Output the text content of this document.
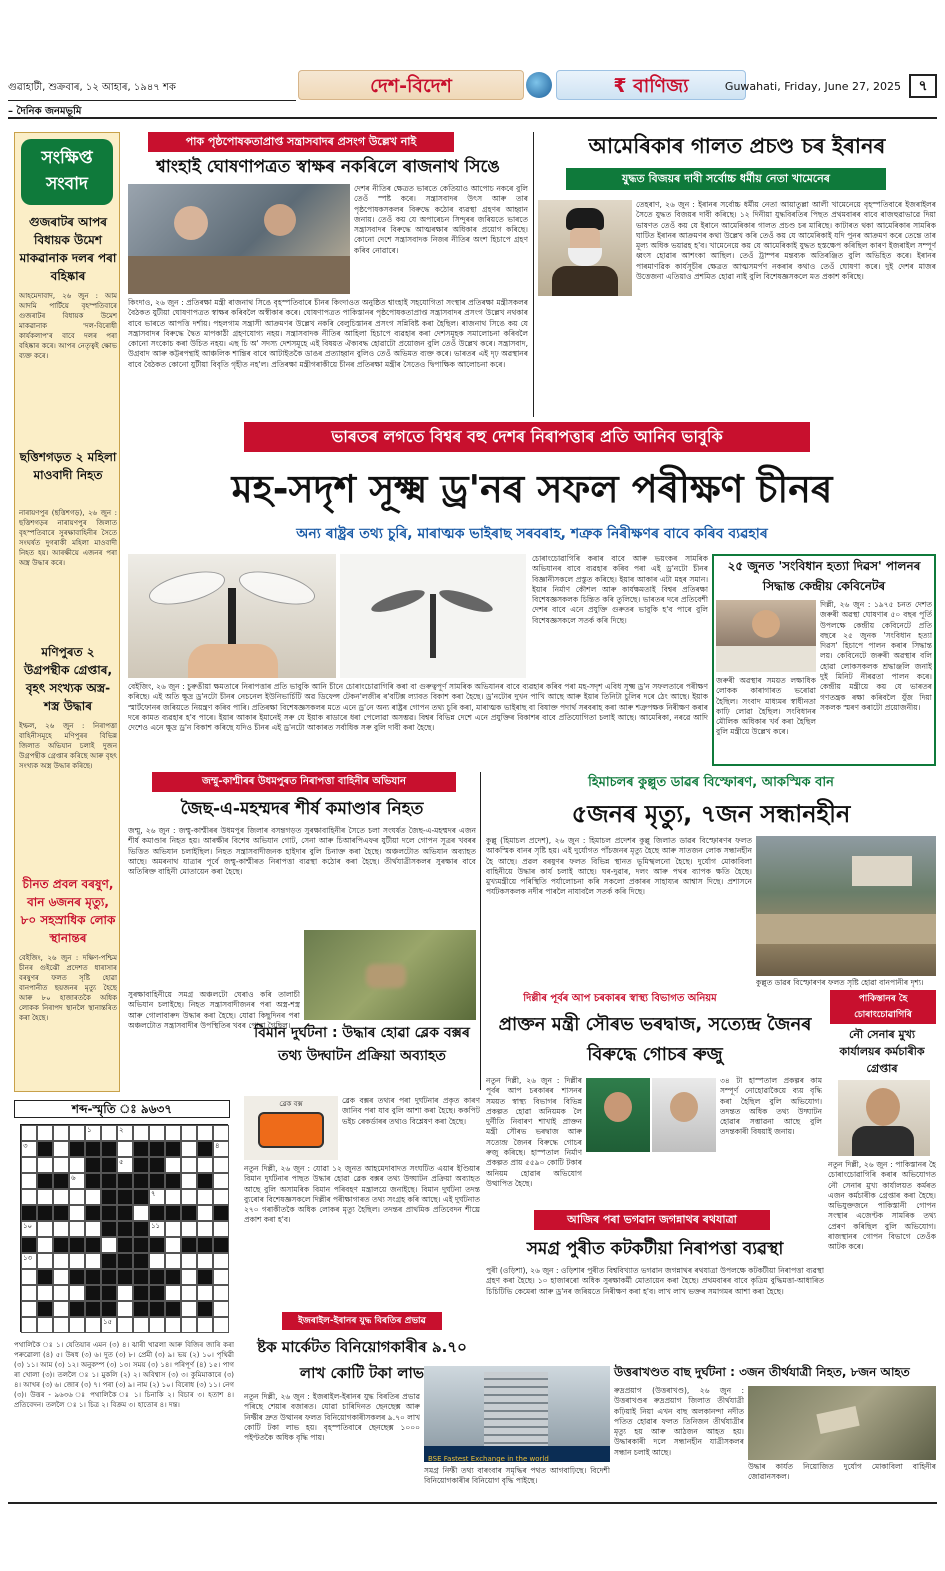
গুৱাহাটী, শুক্ৰবাৰ, ১২ আহাৰ, ১৯৪৭ শক
– দৈনিক জনমভূমি
দেশ-বিদেশ	₹ বাণিজ্য	Guwahati, Friday, June 27, 2025	৭
সংক্ষিপ্ত
সংবাদ
গুজৰাটৰ আপৰ বিধায়ক উমেশ মাকৱানাক দলৰ পৰা বহিষ্কাৰ
আহমেদাবাদ, ২৬ জুন : আম আদমি পাৰ্টিয়ে বৃহস্পতিবাৰে গুজৰাটৰ বিধায়ক উমেশ মাকৱানাক 'দল-বিৰোধী কাৰ্যকলাপ'ৰ বাবে দলৰ পৰা বহিষ্কাৰ কৰে। আপৰ নেতৃত্বই ক্ষোভ ব্যক্ত কৰে।
ছত্তিশগড়ত ২ মহিলা মাওবাদী নিহত
নাৰায়ণপুৰ (ছত্তিশগড়), ২৬ জুন : ছত্তিশগড়ৰ নাৰায়ণপুৰ জিলাত বৃহস্পতিবাৰে সুৰক্ষাবাহিনীৰ সৈতে সংঘৰ্ষত দুগৰাকী মহিলা মাওবাদী নিহত হয়। আৰক্ষীয়ে এজনৰ পৰা অস্ত্ৰ উদ্ধাৰ কৰে।
মণিপুৰত ২ উগ্ৰপন্থীক গ্ৰেপ্তাৰ, বৃহৎ সংখ্যক অস্ত্ৰ-শস্ত্ৰ উদ্ধাৰ
ইম্ফল, ২৬ জুন : নিৰাপত্তা বাহিনীসমূহে মণিপুৰৰ বিভিন্ন জিলাত অভিযান চলাই দুজন উগ্ৰপন্থীক গ্ৰেপ্তাৰ কৰিছে আৰু বৃহৎ সংখ্যক অস্ত্ৰ উদ্ধাৰ কৰিছে।
চীনত প্ৰবল বৰষুণ, বান ৬জনৰ মৃত্যু, ৮০ সহস্ৰাধিক লোক স্থানান্তৰ
বেইজিং, ২৬ জুন : দক্ষিণ-পশ্চিম চীনৰ গুইঝৌ প্ৰদেশত ধাৰাসাৰ বৰষুণৰ ফলত সৃষ্টি হোৱা বানপানীত ছয়জনৰ মৃত্যু হৈছে আৰু ৮০ হাজাৰতকৈ অধিক লোকক নিৰাপদ স্থানলৈ স্থানান্তৰিত কৰা হৈছে।
পাক পৃষ্ঠপোষকতাপ্ৰাপ্ত সন্ত্ৰাসবাদৰ প্ৰসংগ উল্লেখ নাই
শ্বাংহাই ঘোষণাপত্ৰত স্বাক্ষৰ নকৰিলে ৰাজনাথ সিঙে
কিংদাও, ২৬ জুন : প্ৰতিৰক্ষা মন্ত্ৰী ৰাজনাথ সিঙে বৃহস্পতিবাৰে চীনৰ কিংদাওত অনুষ্ঠিত শ্বাংহাই সহযোগিতা সংস্থাৰ প্ৰতিৰক্ষা মন্ত্ৰীসকলৰ বৈঠকত যুটীয়া ঘোষণাপত্ৰত স্বাক্ষৰ কৰিবলৈ অস্বীকাৰ কৰে। ঘোষণাপত্ৰত পাকিস্তানৰ পৃষ্ঠপোষকতাপ্ৰাপ্ত সন্ত্ৰাসবাদৰ প্ৰসংগ উল্লেখ নথকাৰ বাবে ভাৰতে আপত্তি দৰ্শায়। পহলগাম সন্ত্ৰাসী আক্ৰমণৰ উল্লেখ নকৰি বেলুচিস্তানৰ প্ৰসংগ সন্নিবিষ্ট কৰা হৈছিল। ৰাজনাথ সিঙে কয় যে সন্ত্ৰাসবাদৰ বিৰুদ্ধে দ্বৈত মাপকাঠী গ্ৰহণযোগ্য নহয়। সন্ত্ৰাসবাদক নীতিৰ আহিলা হিচাপে ব্যৱহাৰ কৰা দেশসমূহক সমালোচনা কৰিবলৈ কোনো সংকোচ কৰা উচিত নহয়। এছ চি অ' সদস্য দেশসমূহে এই বিষয়ত ঐক্যবদ্ধ হোৱাটো প্ৰয়োজন বুলি তেওঁ উল্লেখ কৰে। সন্ত্ৰাসবাদ, উগ্ৰবাদ আৰু কট্টৰপন্থাই আঞ্চলিক শান্তিৰ বাবে আটাইতকৈ ডাঙৰ প্ৰত্যাহ্বান বুলিও তেওঁ অভিমত ব্যক্ত কৰে। ভাৰতৰ এই দৃঢ় অৱস্থানৰ বাবে বৈঠকত কোনো যুটীয়া বিবৃতি গৃহীত নহ'ল। প্ৰতিৰক্ষা মন্ত্ৰীগৰাকীয়ে চীনৰ প্ৰতিৰক্ষা মন্ত্ৰীৰ সৈতেও দ্বিপাক্ষিক আলোচনা কৰে।
দেশৰ নীতিৰ ক্ষেত্ৰত ভাৰতে কেতিয়াও আপোচ নকৰে বুলি তেওঁ স্পষ্ট কৰে। সন্ত্ৰাসবাদৰ উৎস আৰু তাৰ পৃষ্ঠপোষকসকলৰ বিৰুদ্ধে কঠোৰ ব্যৱস্থা গ্ৰহণৰ আহ্বান জনায়। তেওঁ কয় যে অপাৰেচন সিন্দুৰৰ জৰিয়তে ভাৰতে সন্ত্ৰাসবাদৰ বিৰুদ্ধে আত্মৰক্ষাৰ অধিকাৰ প্ৰয়োগ কৰিছে। কোনো দেশে সন্ত্ৰাসবাদক নিজৰ নীতিৰ অংশ হিচাপে গ্ৰহণ কৰিব নোৱাৰে।
আমেৰিকাৰ গালত প্ৰচণ্ড চৰ ইৰানৰ
যুদ্ধত বিজয়ৰ দাবী সৰ্বোচ্চ ধৰ্মীয় নেতা খামেনেৰ
তেহৰাণ, ২৬ জুন : ইৰানৰ সৰ্বোচ্চ ধৰ্মীয় নেতা আয়াতুল্লা আলী খামেনেয়ে বৃহস্পতিবাৰে ইজৰাইলৰ সৈতে যুদ্ধত বিজয়ৰ দাবী কৰিছে। ১২ দিনীয়া যুদ্ধবিৰতিৰ পিছত প্ৰথমবাৰৰ বাবে ৰাজহুৱাভাৱে দিয়া ভাষণত তেওঁ কয় যে ইৰানে আমেৰিকাৰ গালত প্ৰচণ্ড চৰ মাৰিছে। কাটাৰত থকা আমেৰিকাৰ সামৰিক ঘাটিত ইৰানৰ আক্ৰমণৰ কথা উল্লেখ কৰি তেওঁ কয় যে আমেৰিকাই যদি পুনৰ আক্ৰমণ কৰে তেন্তে তাৰ মূল্য অধিক ভয়াৱহ হ'ব। খামেনেয়ে কয় যে আমেৰিকাই যুদ্ধত হস্তক্ষেপ কৰিছিল কাৰণ ইজৰাইল সম্পূৰ্ণ ধ্বংস হোৱাৰ আশংকা আছিল। তেওঁ ট্ৰাম্পৰ মন্তব্যক অতিৰঞ্জিত বুলি অভিহিত কৰে। ইৰানৰ পাৰমাণৱিক কাৰ্যসূচীৰ ক্ষেত্ৰত আত্মসমৰ্পণ নকৰাৰ কথাও তেওঁ ঘোষণা কৰে। দুই দেশৰ মাজৰ উত্তেজনা এতিয়াও প্ৰশমিত হোৱা নাই বুলি বিশেষজ্ঞসকলে মত প্ৰকাশ কৰিছে।
ভাৰতৰ লগতে বিশ্বৰ বহু দেশৰ নিৰাপত্তাৰ প্ৰতি আনিব ভাবুকি
মহ-সদৃশ সূক্ষ্ম ড্ৰ'নৰ সফল পৰীক্ষণ চীনৰ
অন্য ৰাষ্ট্ৰৰ তথ্য চুৰি, মাৰাত্মক ভাইৰাছ সৰবৰাহ, শত্ৰুক নিৰীক্ষণৰ বাবে কৰিব ব্যৱহাৰ
বেইজিং, ২৬ জুন : চুৰুঙীয়া ক্ষমতাৰে নিৰাপত্তাৰ প্ৰতি ভাবুকি আনি চীনে চোৰাংচোৱাগিৰি কৰা বা গুৰুত্বপূৰ্ণ সামৰিক অভিযানৰ বাবে ব্যৱহাৰ কৰিব পৰা মহ-সদৃশ এবিধ সূক্ষ্ম ড্ৰ'ন সফলতাৰে পৰীক্ষণ কৰিছে। এই অতি ক্ষুদ্ৰ ড্ৰ'নটো চীনৰ নেচনেল ইউনিভাৰ্চিটি অৱ ডিফেন্স টেকন'লজীৰ ৰ'বটিক্স ল্যাবত বিকাশ কৰা হৈছে। ড্ৰ'নটোৰ দুখন পাখি আছে আৰু ইয়াৰ তিনিটা চুলিৰ দৰে ঠেং আছে। ইয়াক স্মাৰ্টফোনৰ জৰিয়তে নিয়ন্ত্ৰণ কৰিব পাৰি। প্ৰতিৰক্ষা বিশেষজ্ঞসকলৰ মতে এনে ড্ৰ'নে অন্য ৰাষ্ট্ৰৰ গোপন তথ্য চুৰি কৰা, মাৰাত্মক ভাইৰাছ বা বিষাক্ত পদাৰ্থ সৰবৰাহ কৰা আৰু শত্ৰুপক্ষক নিৰীক্ষণ কৰাৰ দৰে কামত ব্যৱহাৰ হ'ব পাৰে। ইয়াৰ আকাৰ ইমানেই সৰু যে ইয়াক ৰাডাৰে ধৰা পেলোৱা অসম্ভৱ। বিশ্বৰ বিভিন্ন দেশে এনে প্ৰযুক্তিৰ বিকাশৰ বাবে প্ৰতিযোগিতা চলাই আছে। আমেৰিকা, নৰৱে আদি দেশেও এনে ক্ষুদ্ৰ ড্ৰ'ন বিকাশ কৰিছে যদিও চীনৰ এই ড্ৰ'নটো আকাৰত সৰ্বাধিক সৰু বুলি দাবী কৰা হৈছে।
চোৰাংচোৱাগিৰি কৰাৰ বাবে আৰু ভয়ংকৰ সামৰিক অভিযানৰ বাবে ব্যৱহাৰ কৰিব পৰা এই ড্ৰ'নটো চীনৰ বিজ্ঞানীসকলে প্ৰস্তুত কৰিছে। ইয়াৰ আকাৰ এটা মহৰ সমান। ইয়াৰ নিৰ্মাণ কৌশল আৰু কাৰ্যক্ষমতাই বিশ্বৰ প্ৰতিৰক্ষা বিশেষজ্ঞসকলক চিন্তিত কৰি তুলিছে। ভাৰতৰ দৰে প্ৰতিবেশী দেশৰ বাবে এনে প্ৰযুক্তি গুৰুতৰ ভাবুকি হ'ব পাৰে বুলি বিশেষজ্ঞসকলে সতৰ্ক কৰি দিছে।
২৫ জুনত 'সংবিধান হত্যা দিৱস' পালনৰ সিদ্ধান্ত কেন্দ্ৰীয় কেবিনেটৰ
দিল্লী, ২৬ জুন : ১৯৭৫ চনত দেশত জৰুৰী অৱস্থা ঘোষণাৰ ৫০ বছৰ পূৰ্তি উপলক্ষে কেন্দ্ৰীয় কেবিনেটে প্ৰতি বছৰে ২৫ জুনক 'সংবিধান হত্যা দিৱস' হিচাপে পালন কৰাৰ সিদ্ধান্ত লয়। কেবিনেটে জৰুৰী অৱস্থাৰ বলি হোৱা লোকসকলক শ্ৰদ্ধাঞ্জলি জনাই দুই মিনিট নীৰৱতা পালন কৰে। কেন্দ্ৰীয় মন্ত্ৰীয়ে কয় যে ভাৰতৰ গণতন্ত্ৰক ৰক্ষা কৰিবলৈ যুঁজ দিয়া সকলক স্মৰণ কৰাটো প্ৰয়োজনীয়।
জৰুৰী অৱস্থাৰ সময়ত লক্ষাধিক লোকক কাৰাগাৰত ভৰোৱা হৈছিল। সংবাদ মাধ্যমৰ স্বাধীনতা কাঢ়ি লোৱা হৈছিল। সংবিধানৰ মৌলিক অধিকাৰ খৰ্ব কৰা হৈছিল বুলি মন্ত্ৰীয়ে উল্লেখ কৰে।
জম্মু-কাশ্মীৰৰ উধমপুৰত নিৰাপত্তা বাহিনীৰ অভিযান
জৈছ-এ-মহম্মদৰ শীৰ্ষ কমাণ্ডাৰ নিহত
জম্মু, ২৬ জুন : জম্মু-কাশ্মীৰৰ উধমপুৰ জিলাৰ বসন্তগড়ত সুৰক্ষাবাহিনীৰ সৈতে চলা সংঘৰ্ষত জৈছ-এ-মহম্মদৰ এজন শীৰ্ষ কমাণ্ডাৰ নিহত হয়। আৰক্ষীৰ বিশেষ অভিযান গোট, সেনা আৰু চিআৰপিএফৰ যুটীয়া দলে গোপন সূত্ৰৰ খবৰৰ ভিত্তিত অভিযান চলাইছিল। নিহত সন্ত্ৰাসবাদীজনক হাইদাৰ বুলি চিনাক্ত কৰা হৈছে। অঞ্চলটোত অভিযান অব্যাহত আছে। অমৰনাথ যাত্ৰাৰ পূৰ্বে জম্মু-কাশ্মীৰত নিৰাপত্তা ব্যৱস্থা কঠোৰ কৰা হৈছে। তীৰ্থযাত্ৰীসকলৰ সুৰক্ষাৰ বাবে অতিৰিক্ত বাহিনী মোতায়েন কৰা হৈছে।
সুৰক্ষাবাহিনীয়ে সমগ্ৰ অঞ্চলটো ঘেৰাও কৰি তালাচী অভিযান চলাইছে। নিহত সন্ত্ৰাসবাদীজনৰ পৰা অস্ত্ৰ-শস্ত্ৰ আৰু গোলাবাৰুদ উদ্ধাৰ কৰা হৈছে। যোৱা কিছুদিনৰ পৰা অঞ্চলটোত সন্ত্ৰাসবাদীৰ উপস্থিতিৰ খবৰ পোৱা গৈছিল।
হিমাচলৰ কুল্লুত ডাৱৰ বিস্ফোৰণ, আকস্মিক বান
৫জনৰ মৃত্যু, ৭জন সন্ধানহীন
কুল্লু (হিমাচল প্ৰদেশ), ২৬ জুন : হিমাচল প্ৰদেশৰ কুল্লু জিলাত ডাৱৰ বিস্ফোৰণৰ ফলত আকস্মিক বানৰ সৃষ্টি হয়। এই দুৰ্যোগত পাঁচজনৰ মৃত্যু হৈছে আৰু সাতজন লোক সন্ধানহীন হৈ আছে। প্ৰৱল বৰষুণৰ ফলত বিভিন্ন স্থানত ভূমিস্খলনো হৈছে। দুৰ্যোগ মোকাবিলা বাহিনীয়ে উদ্ধাৰ কাৰ্য চলাই আছে। ঘৰ-দুৱাৰ, দলং আৰু পথৰ ব্যাপক ক্ষতি হৈছে। মুখ্যমন্ত্ৰীয়ে পৰিস্থিতি পৰ্যালোচনা কৰি সকলো প্ৰকাৰৰ সাহায্যৰ আশ্বাস দিছে। প্ৰশাসনে পৰ্যটকসকলক নদীৰ পাৰলৈ নাযাবলৈ সতৰ্ক কৰি দিছে।
কুল্লুত ডাৱৰ বিস্ফোৰণৰ ফলত সৃষ্টি হোৱা বানপানীৰ দৃশ্য।
দিল্লীৰ পূৰ্বৰ আপ চৰকাৰৰ স্বাস্থ্য বিভাগত অনিয়ম
প্ৰাক্তন মন্ত্ৰী সৌৰভ ভৰদ্বাজ, সত্যেন্দ্ৰ জৈনৰ বিৰুদ্ধে গোচৰ ৰুজু
নতুন দিল্লী, ২৬ জুন : দিল্লীৰ পূৰ্বৰ আপ চৰকাৰৰ শাসনৰ সময়ত স্বাস্থ্য বিভাগৰ বিভিন্ন প্ৰকল্পত হোৱা অনিয়মক লৈ দুৰ্নীতি নিবাৰণ শাখাই প্ৰাক্তন মন্ত্ৰী সৌৰভ ভৰদ্বাজ আৰু সত্যেন্দ্ৰ জৈনৰ বিৰুদ্ধে গোচৰ ৰুজু কৰিছে। হাস্পতাল নিৰ্মাণ প্ৰকল্পত প্ৰায় ৫৫৯০ কোটি টকাৰ অনিয়ম হোৱাৰ অভিযোগ উত্থাপিত হৈছে।
৩৪ টা হাস্পতাল প্ৰকল্পৰ কাম সম্পূৰ্ণ নোহোৱাকৈয়ে ব্যয় বৃদ্ধি কৰা হৈছিল বুলি অভিযোগ। তদন্তত অধিক তথ্য উদ্ঘাটন হোৱাৰ সম্ভাৱনা আছে বুলি তদন্তকাৰী বিষয়াই জনায়।
পাকিস্তানৰ হৈ চোৰাংচোৱাগিৰি
নৌ সেনাৰ মুখ্য কাৰ্যালয়ৰ কৰ্মচাৰীক গ্ৰেপ্তাৰ
নতুন দিল্লী, ২৬ জুন : পাকিস্তানৰ হৈ চোৰাংচোৱাগিৰি কৰাৰ অভিযোগত নৌ সেনাৰ মুখ্য কাৰ্যালয়ত কৰ্মৰত এজন কৰ্মচাৰীক গ্ৰেপ্তাৰ কৰা হৈছে। অভিযুক্তজনে পাকিস্তানী গোপন সংস্থাৰ এজেণ্টক সামৰিক তথ্য প্ৰেৰণ কৰিছিল বুলি অভিযোগ। ৰাজস্থানৰ গোপন বিভাগে তেওঁক আটক কৰে।
শব্দ-স্মৃতি ঃ ৯৬৩৭
১	২
৩	৪
৫
৬
৭
১০	১১
১৩
১৫
পথালিকৈ ঃ ১। যেতিয়াৰ এমন (৩) ৪। ঝাৰী খাৱলা আৰু বিজিৰ জাৰি কৰা পৰুৱোলা (৪) ৫। উষধ (৩) ৬। দুত (৩) ৮। প্ৰেমী (৩) ৯। ভয় (২) ১০। পৃথিৱী (৩) ১১। আম (৩) ১২। অনুকম্প (৩) ১৩। সময় (৩) ১৪। পৰিপূৰ্ণ (৪) ১৫। পাগ ৰা খোলা (৩)। তললৈ ঃ ১। মুকলি (২) ২। অবিশ্বাস (৩) ৩। কুমিমাকাৰে (৩) ৪। আখৰ (৩) ৬। জোৰ (৩) ৭। পৰা (৩) ৯। নাম (২) ১০। বিৰোধ (৩) ১১। নেগ (৩)। উত্তৰ - ৯৬৩৬ ঃ পথালিকৈ ঃ ১। চিনাকি ২। বিচাৰ ৩। হতাশ ৪। প্ৰতিবেদন। তললৈ ঃ ১। চিত্ৰ ২। বিক্ৰম ৩। হাতোৰ ৪। দন্ত।
বিমান দুৰ্ঘটনা : উদ্ধাৰ হোৱা ব্লেক বক্সৰ তথ্য উদ্ঘাটন প্ৰক্ৰিয়া অব্যাহত
ব্লেক বক্স
নতুন দিল্লী, ২৬ জুন : যোৱা ১২ জুনত আহমেদাবাদত সংঘটিত এয়াৰ ইণ্ডিয়াৰ বিমান দুৰ্ঘটনাৰ পাছত উদ্ধাৰ হোৱা ব্লেক বক্সৰ তথ্য উদ্ঘাটন প্ৰক্ৰিয়া অব্যাহত আছে বুলি অসামৰিক বিমান পৰিবহণ মন্ত্ৰালয়ে জনাইছে। বিমান দুৰ্ঘটনা তদন্ত ব্যুৰোৰ বিশেষজ্ঞসকলে দিল্লীৰ পৰীক্ষাগাৰত তথ্য সংগ্ৰহ কৰি আছে। এই দুৰ্ঘটনাত ২৭০ গৰাকীতকৈ অধিক লোকৰ মৃত্যু হৈছিল। তদন্তৰ প্ৰাথমিক প্ৰতিবেদন শীঘ্ৰে প্ৰকাশ কৰা হ'ব।
ব্লেক বক্সৰ তথ্যৰ পৰা দুৰ্ঘটনাৰ প্ৰকৃত কাৰণ জানিব পৰা যাব বুলি আশা কৰা হৈছে। ককপিট ভইচ ৰেকৰ্ডাৰৰ তথ্যও বিশ্লেষণ কৰা হৈছে।
আজিৰ পৰা ভগৱান জগন্নাথৰ ৰথযাত্ৰা
সমগ্ৰ পুৰীত কটকটীয়া নিৰাপত্তা ব্যৱস্থা
পুৰী (ওড়িশা), ২৬ জুন : ওড়িশাৰ পুৰীত বিশ্ববিখ্যাত ভগৱান জগন্নাথৰ ৰথযাত্ৰা উপলক্ষে কটকটীয়া নিৰাপত্তা ব্যৱস্থা গ্ৰহণ কৰা হৈছে। ১০ হাজাৰৰো অধিক সুৰক্ষাকৰ্মী মোতায়েন কৰা হৈছে। প্ৰথমবাৰৰ বাবে কৃত্ৰিম বুদ্ধিমত্তা-আধাৰিত চিচিটিভি কেমেৰা আৰু ড্ৰ'নৰ জৰিয়তে নিৰীক্ষণ কৰা হ'ব। লাখ লাখ ভক্তৰ সমাগমৰ আশা কৰা হৈছে।
ইজৰাইল-ইৰানৰ যুদ্ধ বিৰতিৰ প্ৰভাৱ
ষ্টক মাৰ্কেটত বিনিয়োগকাৰীৰ ৯.৭০ লাখ কোটি টকা লাভ
নতুন দিল্লী, ২৬ জুন : ইজৰাইল-ইৰানৰ যুদ্ধ বিৰতিৰ প্ৰভাৱ পৰিছে শেয়াৰ বজাৰত। যোৱা চাৰিদিনত ছেনছেক্স আৰু নিফ্টীৰ দ্ৰুত উত্থানৰ ফলত বিনিয়োগকাৰীসকলৰ ৯.৭০ লাখ কোটি টকা লাভ হয়। বৃহস্পতিবাৰে ছেনছেক্স ১০০০ পইণ্টতকৈ অধিক বৃদ্ধি পায়।
BSE Fastest Exchange in the world
সমগ্ৰ নিফ্টী তথ্য বাৰংবাৰ সমৃদ্ধিৰ পথত আগবাঢ়িছে। বিদেশী বিনিয়োগকাৰীৰ বিনিয়োগ বৃদ্ধি পাইছে।
উত্তৰাখণ্ডত বাছ দুৰ্ঘটনা : ৩জন তীৰ্থযাত্ৰী নিহত, ৮জন আহত
ৰুদ্ৰপ্ৰয়াগ (উত্তৰাখণ্ড), ২৬ জুন : উত্তৰাখণ্ডৰ ৰুদ্ৰপ্ৰয়াগ জিলাত তীৰ্থযাত্ৰী কঢ়িয়াই নিয়া এখন বাছ অলকানন্দা নদীত পতিত হোৱাৰ ফলত তিনিজন তীৰ্থযাত্ৰীৰ মৃত্যু হয় আৰু আঠজন আহত হয়। উদ্ধাৰকাৰী দলে সন্ধানহীন যাত্ৰীসকলৰ সন্ধান চলাই আছে।
উদ্ধাৰ কাৰ্যত নিয়োজিত দুৰ্যোগ মোকাবিলা বাহিনীৰ জোৱানসকল।
